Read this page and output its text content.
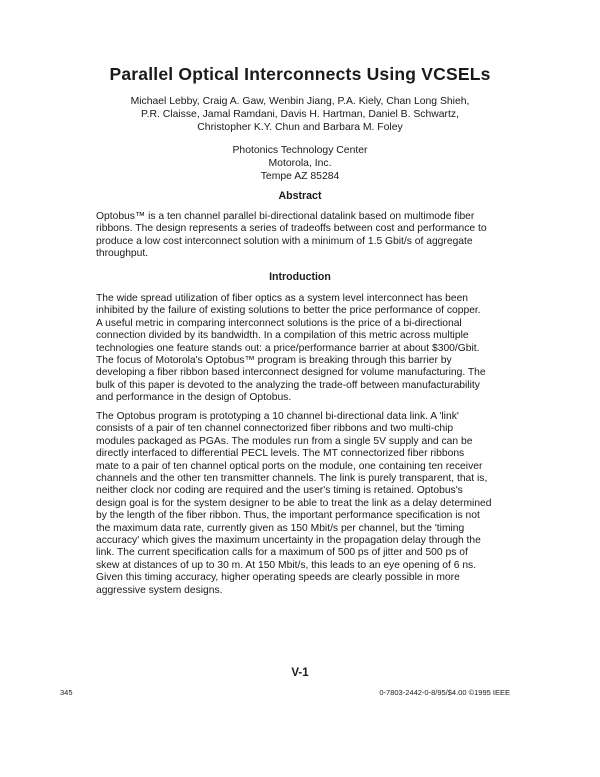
Parallel Optical Interconnects Using VCSELs
Michael Lebby, Craig A. Gaw, Wenbin Jiang, P.A. Kiely, Chan Long Shieh,
P.R. Claisse, Jamal Ramdani, Davis H. Hartman, Daniel B. Schwartz,
Christopher K.Y. Chun and Barbara M. Foley
Photonics Technology Center
Motorola, Inc.
Tempe AZ 85284
Abstract
Optobus™ is a ten channel parallel bi-directional datalink based on multimode fiber
ribbons. The design represents a series of tradeoffs between cost and performance to
produce a low cost interconnect solution with a minimum of 1.5 Gbit/s of aggregate
throughput.
Introduction
The wide spread utilization of fiber optics as a system level interconnect has been
inhibited by the failure of existing solutions to better the price performance of copper.
A useful metric in comparing interconnect solutions is the price of a bi-directional
connection divided by its bandwidth. In a compilation of this metric across multiple
technologies one feature stands out: a price/performance barrier at about $300/Gbit.
The focus of Motorola's Optobus™ program is breaking through this barrier by
developing a fiber ribbon based interconnect designed for volume manufacturing. The
bulk of this paper is devoted to the analyzing the trade-off between manufacturability
and performance in the design of Optobus.
The Optobus program is prototyping a 10 channel bi-directional data link. A 'link'
consists of a pair of ten channel connectorized fiber ribbons and two multi-chip
modules packaged as PGAs. The modules run from a single 5V supply and can be
directly interfaced to differential PECL levels. The MT connectorized fiber ribbons
mate to a pair of ten channel optical ports on the module, one containing ten receiver
channels and the other ten transmitter channels. The link is purely transparent, that is,
neither clock nor coding are required and the user's timing is retained. Optobus's
design goal is for the system designer to be able to treat the link as a delay determined
by the length of the fiber ribbon. Thus, the important performance specification is not
the maximum data rate, currently given as 150 Mbit/s per channel, but the 'timing
accuracy' which gives the maximum uncertainty in the propagation delay through the
link. The current specification calls for a maximum of 500 ps of jitter and 500 ps of
skew at distances of up to 30 m. At 150 Mbit/s, this leads to an eye opening of 6 ns.
Given this timing accuracy, higher operating speeds are clearly possible in more
aggressive system designs.
V-1
345	0-7803-2442-0-8/95/$4.00 ©1995 IEEE
